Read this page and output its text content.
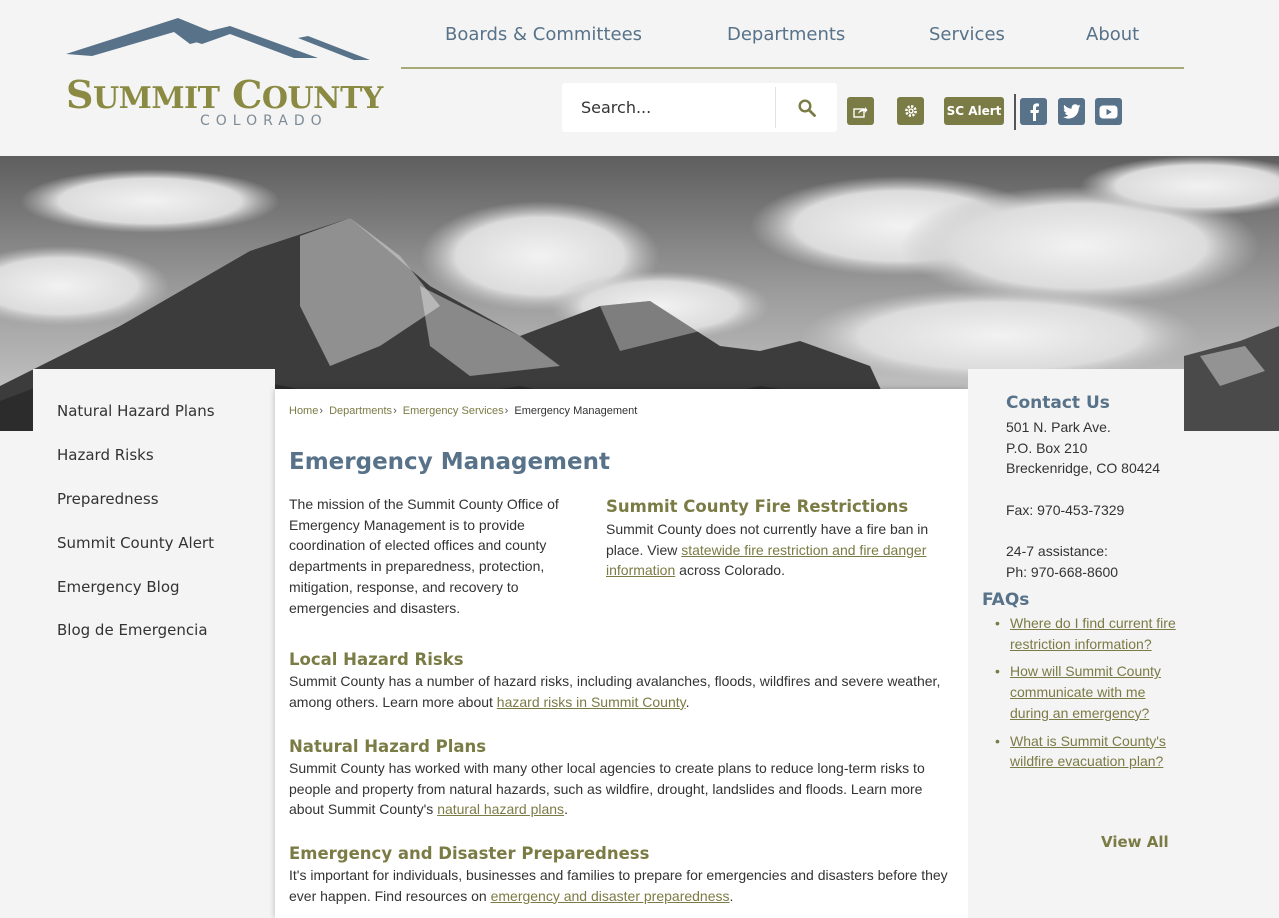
SUMMIT COUNTY
COLORADO
Boards & Committees	Departments	Services	About
Search...
SC Alert
Natural Hazard Plans
Hazard Risks
Preparedness
Summit County Alert
Emergency Blog
Blog de Emergencia
Home› Departments› Emergency Services› Emergency Management
Emergency Management

The mission of the Summit County Office of Emergency Management is to provide coordination of elected offices and county departments in preparedness, protection, mitigation, response, and recovery to emergencies and disasters.

Summit County Fire Restrictions

Summit County does not currently have a fire ban in place. View statewide fire restriction and fire danger information across Colorado.

Local Hazard Risks

Summit County has a number of hazard risks, including avalanches, floods, wildfires and severe weather, among others. Learn more about hazard risks in Summit County.

Natural Hazard Plans

Summit County has worked with many other local agencies to create plans to reduce long-term risks to people and property from natural hazards, such as wildfire, drought, landslides and floods. Learn more about Summit County's natural hazard plans.

Emergency and Disaster Preparedness

It's important for individuals, businesses and families to prepare for emergencies and disasters before they ever happen. Find resources on emergency and disaster preparedness.

Contact Us
501 N. Park Ave.
P.O. Box 210
Breckenridge, CO 80424
Fax: 970-453-7329
24-7 assistance:
Ph: 970-668-8600
FAQs
• Where do I find current fire restriction information?
• How will Summit County communicate with me during an emergency?
• What is Summit County's wildfire evacuation plan?
View All
